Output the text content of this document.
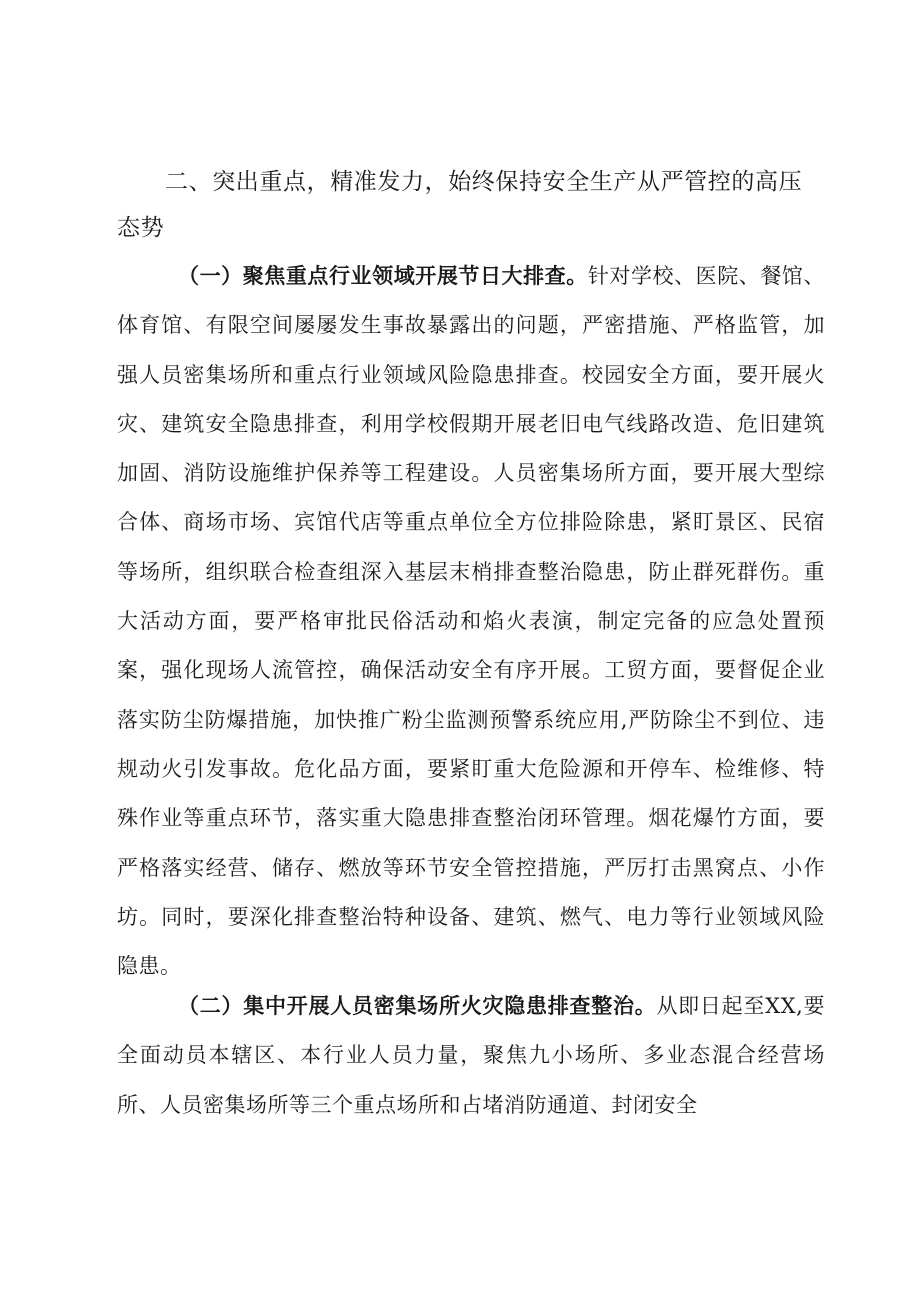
二、突出重点，精准发力，始终保持安全生产从严管控的高压态势
（一）聚焦重点行业领域开展节日大排查。针对学校、医院、餐馆、体育馆、有限空间屡屡发生事故暴露出的问题，严密措施、严格监管，加强人员密集场所和重点行业领域风险隐患排查。校园安全方面，要开展火灾、建筑安全隐患排查，利用学校假期开展老旧电气线路改造、危旧建筑加固、消防设施维护保养等工程建设。人员密集场所方面，要开展大型综合体、商场市场、宾馆代店等重点单位全方位排险除患，紧盯景区、民宿等场所，组织联合检查组深入基层末梢排查整治隐患，防止群死群伤。重大活动方面，要严格审批民俗活动和焰火表演，制定完备的应急处置预案，强化现场人流管控，确保活动安全有序开展。工贸方面，要督促企业落实防尘防爆措施，加快推广粉尘监测预警系统应用,严防除尘不到位、违规动火引发事故。危化品方面，要紧盯重大危险源和开停车、检维修、特殊作业等重点环节，落实重大隐患排查整治闭环管理。烟花爆竹方面，要严格落实经营、储存、燃放等环节安全管控措施，严厉打击黑窝点、小作坊。同时，要深化排查整治特种设备、建筑、燃气、电力等行业领域风险隐患。
（二）集中开展人员密集场所火灾隐患排查整治。从即日起至XX,要全面动员本辖区、本行业人员力量，聚焦九小场所、多业态混合经营场所、人员密集场所等三个重点场所和占堵消防通道、封闭安全
